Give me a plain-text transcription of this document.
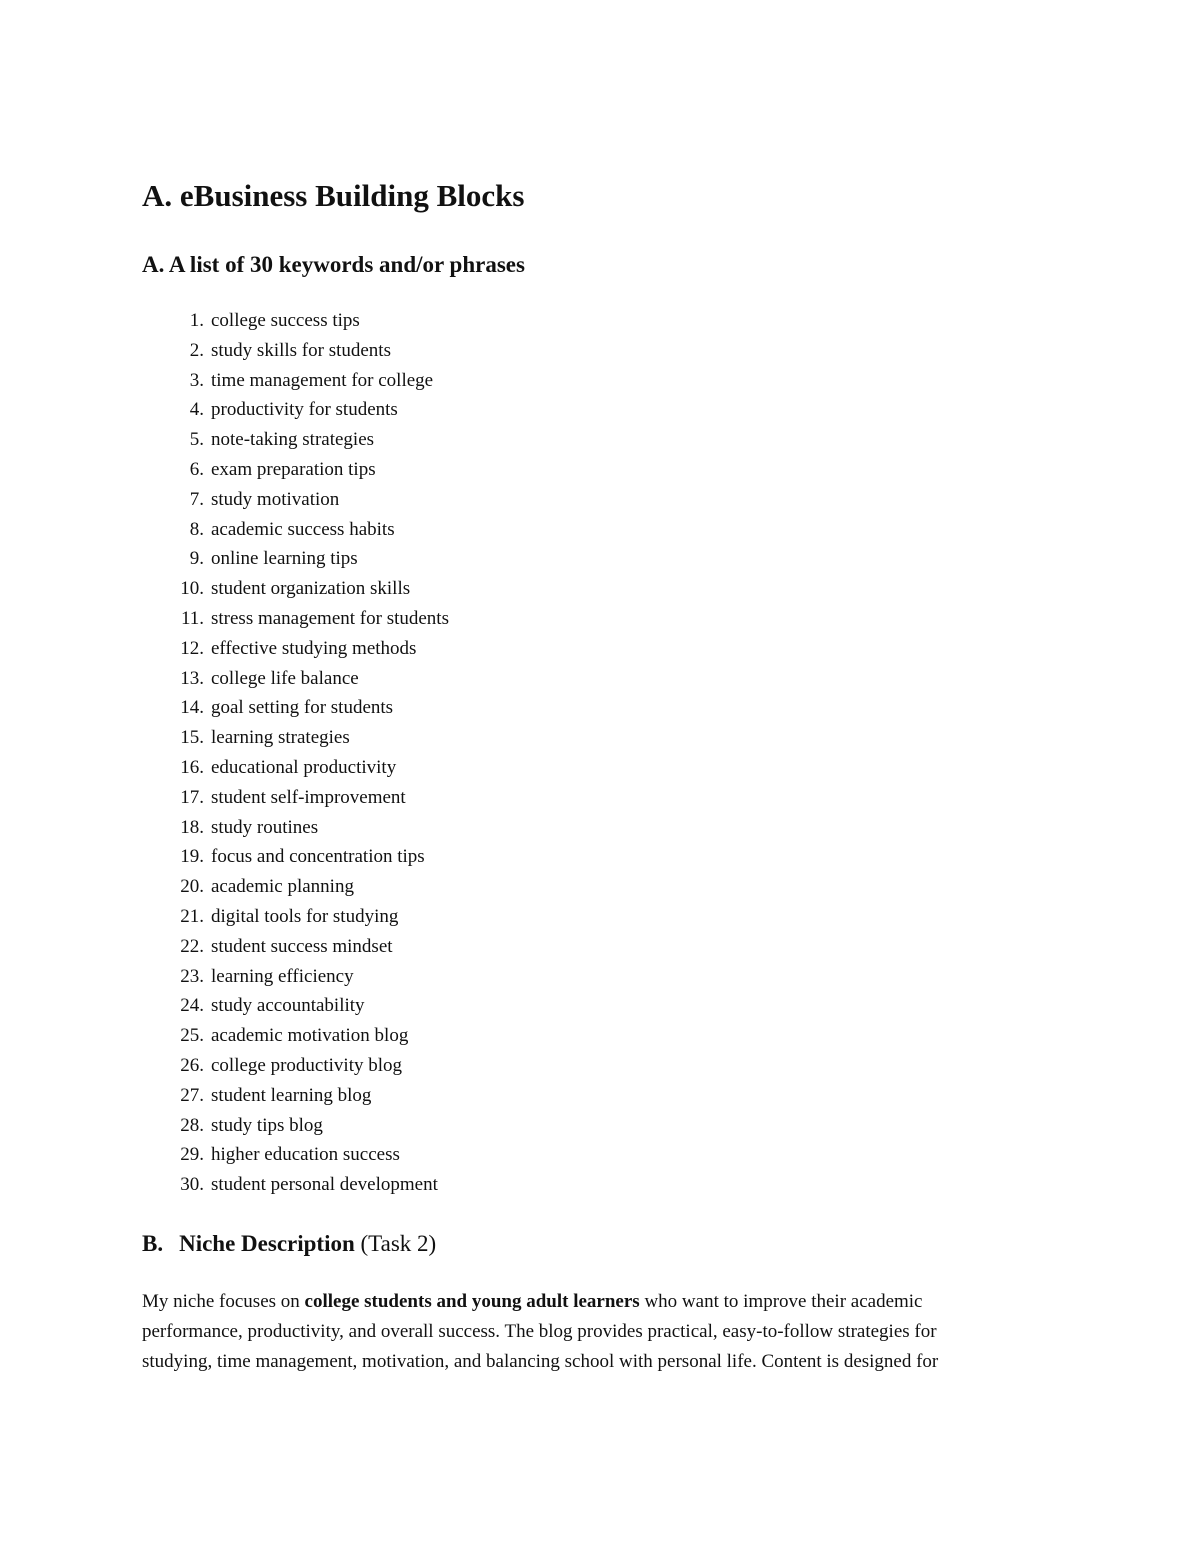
A. eBusiness Building Blocks
A. A list of 30 keywords and/or phrases
1. college success tips
2. study skills for students
3. time management for college
4. productivity for students
5. note-taking strategies
6. exam preparation tips
7. study motivation
8. academic success habits
9. online learning tips
10. student organization skills
11. stress management for students
12. effective studying methods
13. college life balance
14. goal setting for students
15. learning strategies
16. educational productivity
17. student self-improvement
18. study routines
19. focus and concentration tips
20. academic planning
21. digital tools for studying
22. student success mindset
23. learning efficiency
24. study accountability
25. academic motivation blog
26. college productivity blog
27. student learning blog
28. study tips blog
29. higher education success
30. student personal development
B. Niche Description (Task 2)

My niche focuses on college students and young adult learners who want to improve their academic
performance, productivity, and overall success. The blog provides practical, easy-to-follow strategies for
studying, time management, motivation, and balancing school with personal life. Content is designed for
